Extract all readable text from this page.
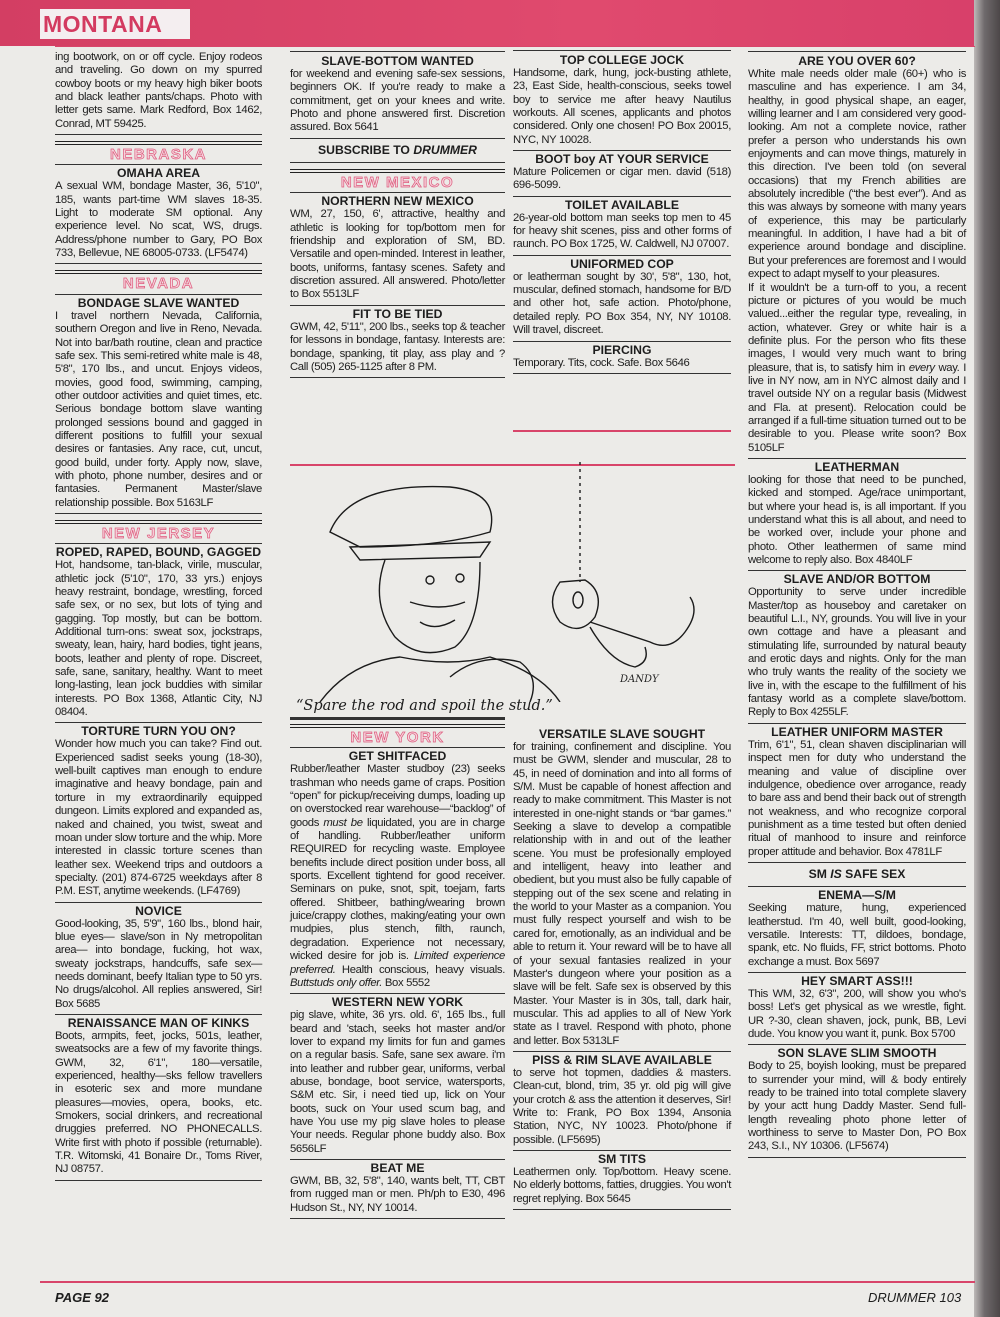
MONTANA
ing bootwork, on or off cycle. Enjoy rodeos and traveling. Go down on my spurred cowboy boots or my heavy high biker boots and black leather pants/chaps. Photo with letter gets same. Mark Redford, Box 1462, Conrad, MT 59425.
NEBRASKA
OMAHA AREA
A sexual WM, bondage Master, 36, 5'10", 185, wants part-time WM slaves 18-35. Light to moderate SM optional. Any experience level. No scat, WS, drugs. Address/phone number to Gary, PO Box 733, Bellevue, NE 68005-0733. (LF5474)
NEVADA
BONDAGE SLAVE WANTED
I travel northern Nevada, California, southern Oregon and live in Reno, Nevada. Not into bar/bath routine, clean and practice safe sex. This semi-retired white male is 48, 5'8", 170 lbs., and uncut. Enjoys videos, movies, good food, swimming, camping, other outdoor activities and quiet times, etc. Serious bondage bottom slave wanting prolonged sessions bound and gagged in different positions to fulfill your sexual desires or fantasies. Any race, cut, uncut, good build, under forty. Apply now, slave, with photo, phone number, desires and or fantasies. Permanent Master/slave relationship possible. Box 5163LF
NEW JERSEY
ROPED, RAPED, BOUND, GAGGED
Hot, handsome, tan-black, virile, muscular, athletic jock (5'10", 170, 33 yrs.) enjoys heavy restraint, bondage, wrestling, forced safe sex, or no sex, but lots of tying and gagging. Top mostly, but can be bottom. Additional turn-ons: sweat sox, jockstraps, sweaty, lean, hairy, hard bodies, tight jeans, boots, leather and plenty of rope. Discreet, safe, sane, sanitary, healthy. Want to meet long-lasting, lean jock buddies with similar interests. PO Box 1368, Atlantic City, NJ 08404.
TORTURE TURN YOU ON?
Wonder how much you can take? Find out. Experienced sadist seeks young (18-30), well-built captives man enough to endure imaginative and heavy bondage, pain and torture in my extraordinarily equipped dungeon. Limits explored and expanded as, naked and chained, you twist, sweat and moan under slow torture and the whip. More interested in classic torture scenes than leather sex. Weekend trips and outdoors a specialty. (201) 874-6725 weekdays after 8 P.M. EST, anytime weekends. (LF4769)
NOVICE
Good-looking, 35, 5'9", 160 lbs., blond hair, blue eyes— slave/son in Ny metropolitan area— into bondage, fucking, hot wax, sweaty jockstraps, handcuffs, safe sex— needs dominant, beefy Italian type to 50 yrs. No drugs/alcohol. All replies answered, Sir! Box 5685
RENAISSANCE MAN OF KINKS
Boots, armpits, feet, jocks, 501s, leather, sweatsocks are a few of my favorite things. GWM, 32, 6'1", 180—versatile, experienced, healthy—sks fellow travellers in esoteric sex and more mundane pleasures—movies, opera, books, etc. Smokers, social drinkers, and recreational druggies preferred. NO PHONECALLS. Write first with photo if possible (returnable). T.R. Witomski, 41 Bonaire Dr., Toms River, NJ 08757.
SLAVE-BOTTOM WANTED
for weekend and evening safe-sex sessions, beginners OK. If you're ready to make a commitment, get on your knees and write. Photo and phone answered first. Discretion assured. Box 5641
SUBSCRIBE TO DRUMMER
NEW MEXICO
NORTHERN NEW MEXICO
WM, 27, 150, 6', attractive, healthy and athletic is looking for top/bottom men for friendship and exploration of SM, BD. Versatile and open-minded. Interest in leather, boots, uniforms, fantasy scenes. Safety and discretion assured. All answered. Photo/letter to Box 5513LF
FIT TO BE TIED
GWM, 42, 5'11", 200 lbs., seeks top & teacher for lessons in bondage, fantasy. Interests are: bondage, spanking, tit play, ass play and ? Call (505) 265-1125 after 8 PM.
NEW YORK
GET SHITFACED
Rubber/leather Master studboy (23) seeks trashman who needs game of craps. Position “open” for pickup/receiving dumps, loading up on overstocked rear warehouse—“backlog” of goods must be liquidated, you are in charge of handling. Rubber/leather uniform REQUIRED for recycling waste. Employee benefits include direct position under boss, all sports. Excellent tightend for good receiver. Seminars on puke, snot, spit, toejam, farts offered. Shitbeer, bathing/wearing brown juice/crappy clothes, making/eating your own mudpies, plus stench, filth, raunch, degradation. Experience not necessary, wicked desire for job is. Limited experience preferred. Health conscious, heavy visuals. Buttstuds only offer. Box 5552
WESTERN NEW YORK
pig slave, white, 36 yrs. old. 6', 165 lbs., full beard and 'stach, seeks hot master and/or lover to expand my limits for fun and games on a regular basis. Safe, sane sex aware. i'm into leather and rubber gear, uniforms, verbal abuse, bondage, boot service, watersports, S&M etc. Sir, i need tied up, lick on Your boots, suck on Your used scum bag, and have You use my pig slave holes to please Your needs. Regular phone buddy also. Box 5656LF
BEAT ME
GWM, BB, 32, 5'8", 140, wants belt, TT, CBT from rugged man or men. Ph/ph to E30, 496 Hudson St., NY, NY 10014.
TOP COLLEGE JOCK
Handsome, dark, hung, jock-busting athlete, 23, East Side, health-conscious, seeks towel boy to service me after heavy Nautilus workouts. All scenes, applicants and photos considered. Only one chosen! PO Box 20015, NYC, NY 10028.
BOOT boy AT YOUR SERVICE
Mature Policemen or cigar men. david (518) 696-5099.
TOILET AVAILABLE
26-year-old bottom man seeks top men to 45 for heavy shit scenes, piss and other forms of raunch. PO Box 1725, W. Caldwell, NJ 07007.
UNIFORMED COP
or leatherman sought by 30', 5'8", 130, hot, muscular, defined stomach, handsome for B/D and other hot, safe action. Photo/phone, detailed reply. PO Box 354, NY, NY 10108. Will travel, discreet.
PIERCING
Temporary. Tits, cock. Safe. Box 5646
VERSATILE SLAVE SOUGHT
for training, confinement and discipline. You must be GWM, slender and muscular, 28 to 45, in need of domination and into all forms of S/M. Must be capable of honest affection and ready to make commitment. This Master is not interested in one-night stands or “bar games.” Seeking a slave to develop a compatible relationship with in and out of the leather scene. You must be profesionally employed and intelligent, heavy into leather and obedient, but you must also be fully capable of stepping out of the sex scene and relating in the world to your Master as a companion. You must fully respect yourself and wish to be cared for, emotionally, as an individual and be able to return it. Your reward will be to have all of your sexual fantasies realized in your Master's dungeon where your position as a slave will be felt. Safe sex is observed by this Master. Your Master is in 30s, tall, dark hair, muscular. This ad applies to all of New York state as I travel. Respond with photo, phone and letter. Box 5313LF
PISS & RIM SLAVE AVAILABLE
to serve hot topmen, daddies & masters. Clean-cut, blond, trim, 35 yr. old pig will give your crotch & ass the attention it deserves, Sir! Write to: Frank, PO Box 1394, Ansonia Station, NYC, NY 10023. Photo/phone if possible. (LF5695)
SM TITS
Leathermen only. Top/bottom. Heavy scene. No elderly bottoms, fatties, druggies. You won't regret replying. Box 5645
ARE YOU OVER 60?
White male needs older male (60+) who is masculine and has experience. I am 34, healthy, in good physical shape, an eager, willing learner and I am considered very good-looking. Am not a complete novice, rather prefer a person who understands his own enjoyments and can move things, maturely in this direction. I've been told (on several occasions) that my French abilities are absolutely incredible (“the best ever”). And as this was always by someone with many years of experience, this may be particularly meaningful. In addition, I have had a bit of experience around bondage and discipline. But your preferences are foremost and I would expect to adapt myself to your pleasures.
If it wouldn't be a turn-off to you, a recent picture or pictures of you would be much valued...either the regular type, revealing, in action, whatever. Grey or white hair is a definite plus. For the person who fits these images, I would very much want to bring pleasure, that is, to satisfy him in every way. I live in NY now, am in NYC almost daily and I travel outside NY on a regular basis (Midwest and Fla. at present). Relocation could be arranged if a full-time situation turned out to be desirable to you. Please write soon? Box 5105LF
LEATHERMAN
looking for those that need to be punched, kicked and stomped. Age/race unimportant, but where your head is, is all important. If you understand what this is all about, and need to be worked over, include your phone and photo. Other leathermen of same mind welcome to reply also. Box 4840LF
SLAVE AND/OR BOTTOM
Opportunity to serve under incredible Master/top as houseboy and caretaker on beautiful L.I., NY, grounds. You will live in your own cottage and have a pleasant and stimulating life, surrounded by natural beauty and erotic days and nights. Only for the man who truly wants the reality of the society we live in, with the escape to the fulfillment of his fantasy world as a complete slave/bottom. Reply to Box 4255LF.
LEATHER UNIFORM MASTER
Trim, 6'1", 51, clean shaven disciplinarian will inspect men for duty who understand the meaning and value of discipline over indulgence, obedience over arrogance, ready to bare ass and bend their back out of strength not weakness, and who recognize corporal punishment as a time tested but often denied ritual of manhood to insure and reinforce proper attitude and behavior. Box 4781LF
SM IS SAFE SEX
ENEMA—S/M
Seeking mature, hung, experienced leatherstud. I'm 40, well built, good-looking, versatile. Interests: TT, dildoes, bondage, spank, etc. No fluids, FF, strict bottoms. Photo exchange a must. Box 5697
HEY SMART ASS!!!
This WM, 32, 6'3", 200, will show you who's boss! Let's get physical as we wrestle, fight. UR ?-30, clean shaven, jock, punk, BB, Levi dude. You know you want it, punk. Box 5700
SON SLAVE SLIM SMOOTH
Body to 25, boyish looking, must be prepared to surrender your mind, will & body entirely ready to be trained into total complete slavery by your actt hung Daddy Master. Send full-length revealing photo phone letter of worthiness to serve to Master Don, PO Box 243, S.I., NY 10306. (LF5674)
DANDY
“Spare the rod and spoil the stud.”
PAGE 92	DRUMMER 103
